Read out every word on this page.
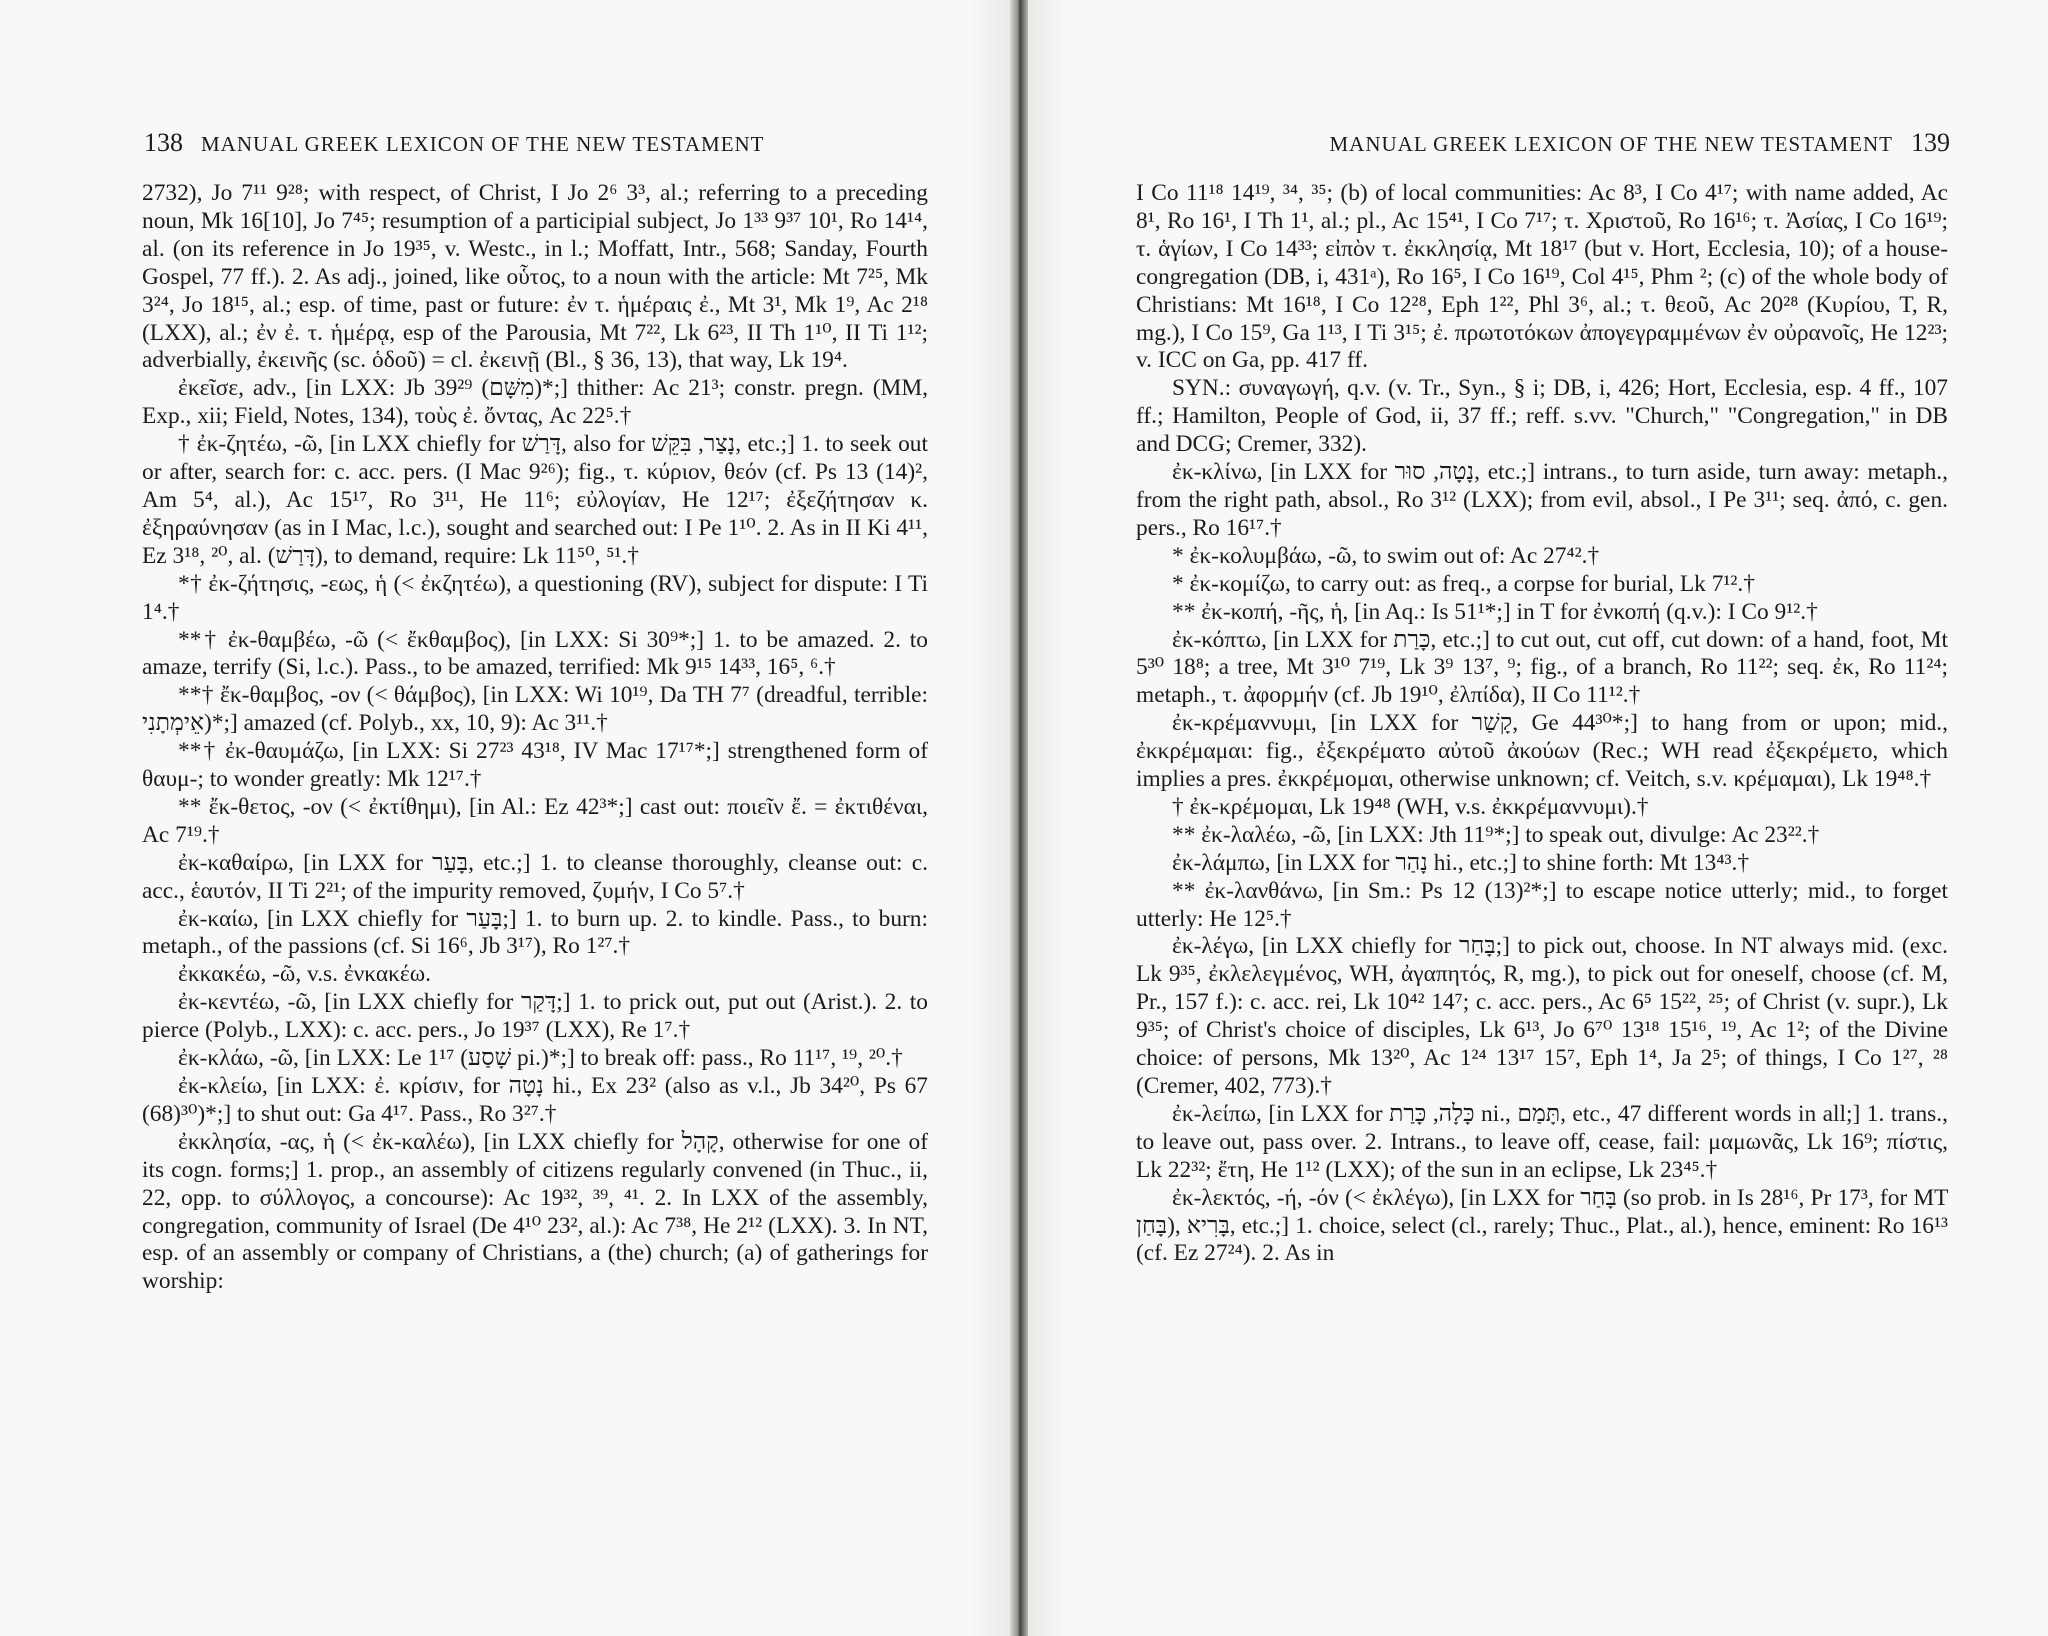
138 MANUAL GREEK LEXICON OF THE NEW TESTAMENT

2732), Jo 7¹¹ 9²⁸; with respect, of Christ, I Jo 2⁶ 3³, al.; referring to a preceding noun, Mk 16[10], Jo 7⁴⁵; resumption of a participial subject, Jo 1³³ 9³⁷ 10¹, Ro 14¹⁴, al. (on its reference in Jo 19³⁵, v. Westc., in l.; Moffatt, Intr., 568; Sanday, Fourth Gospel, 77 ff.). 2. As adj., joined, like οὗτος, to a noun with the article: Mt 7²⁵, Mk 3²⁴, Jo 18¹⁵, al.; esp. of time, past or future: ἐν τ. ἡμέραις ἐ., Mt 3¹, Mk 1⁹, Ac 2¹⁸ (LXX), al.; ἐν ἐ. τ. ἡμέρᾳ, esp of the Parousia, Mt 7²², Lk 6²³, II Th 1¹⁰, II Ti 1¹²; adverbially, ἐκεινῆς (sc. ὁδοῦ) = cl. ἐκεινῇ (Bl., § 36, 13), that way, Lk 19⁴.

ἐκεῖσε, adv., [in LXX: Jb 39²⁹ (מִשָּׁם)*;] thither: Ac 21³; constr. pregn. (MM, Exp., xii; Field, Notes, 134), τοὺς ἐ. ὄντας, Ac 22⁵.†

† ἐκ-ζητέω, -ῶ, [in LXX chiefly for דָּרַשׁ, also for נָצַר, בִּקֵּשׁ, etc.;] 1. to seek out or after, search for: c. acc. pers. (I Mac 9²⁶); fig., τ. κύριον, θεόν (cf. Ps 13 (14)², Am 5⁴, al.), Ac 15¹⁷, Ro 3¹¹, He 11⁶; εὐλογίαν, He 12¹⁷; ἐξεζήτησαν κ. ἐξηραύνησαν (as in I Mac, l.c.), sought and searched out: I Pe 1¹⁰. 2. As in II Ki 4¹¹, Ez 3¹⁸, ²⁰, al. (דָּרַשׁ), to demand, require: Lk 11⁵⁰, ⁵¹.†

*† ἐκ-ζήτησις, -εως, ἡ (< ἐκζητέω), a questioning (RV), subject for dispute: I Ti 1⁴.†

**† ἐκ-θαμβέω, -ῶ (< ἔκθαμβος), [in LXX: Si 30⁹*;] 1. to be amazed. 2. to amaze, terrify (Si, l.c.). Pass., to be amazed, terrified: Mk 9¹⁵ 14³³, 16⁵, ⁶.†

**† ἔκ-θαμβος, -ον (< θάμβος), [in LXX: Wi 10¹⁹, Da TH 7⁷ (dreadful, terrible: אֵימְתָנִי)*;] amazed (cf. Polyb., xx, 10, 9): Ac 3¹¹.†

**† ἐκ-θαυμάζω, [in LXX: Si 27²³ 43¹⁸, IV Mac 17¹⁷*;] strengthened form of θαυμ-; to wonder greatly: Mk 12¹⁷.†

** ἔκ-θετος, -ον (< ἐκτίθημι), [in Al.: Ez 42³*;] cast out: ποιεῖν ἔ. = ἐκτιθέναι, Ac 7¹⁹.†

ἐκ-καθαίρω, [in LXX for בָּעַר, etc.;] 1. to cleanse thoroughly, cleanse out: c. acc., ἑαυτόν, II Ti 2²¹; of the impurity removed, ζυμήν, I Co 5⁷.†

ἐκ-καίω, [in LXX chiefly for בָּעַר;] 1. to burn up. 2. to kindle. Pass., to burn: metaph., of the passions (cf. Si 16⁶, Jb 3¹⁷), Ro 1²⁷.†

ἐκκακέω, -ῶ, v.s. ἐνκακέω.

ἐκ-κεντέω, -ῶ, [in LXX chiefly for דָּקַר;] 1. to prick out, put out (Arist.). 2. to pierce (Polyb., LXX): c. acc. pers., Jo 19³⁷ (LXX), Re 1⁷.†

ἐκ-κλάω, -ῶ, [in LXX: Le 1¹⁷ (שָׁסַע pi.)*;] to break off: pass., Ro 11¹⁷, ¹⁹, ²⁰.†

ἐκ-κλείω, [in LXX: ἐ. κρίσιν, for נָטָה hi., Ex 23² (also as v.l., Jb 34²⁰, Ps 67 (68)³⁰)*;] to shut out: Ga 4¹⁷. Pass., Ro 3²⁷.†

ἐκκλησία, -ας, ἡ (< ἐκ-καλέω), [in LXX chiefly for קָהָל, otherwise for one of its cogn. forms;] 1. prop., an assembly of citizens regularly convened (in Thuc., ii, 22, opp. to σύλλογος, a concourse): Ac 19³², ³⁹, ⁴¹. 2. In LXX of the assembly, congregation, community of Israel (De 4¹⁰ 23², al.): Ac 7³⁸, He 2¹² (LXX). 3. In NT, esp. of an assembly or company of Christians, a (the) church; (a) of gatherings for worship:

MANUAL GREEK LEXICON OF THE NEW TESTAMENT 139

I Co 11¹⁸ 14¹⁹, ³⁴, ³⁵; (b) of local communities: Ac 8³, I Co 4¹⁷; with name added, Ac 8¹, Ro 16¹, I Th 1¹, al.; pl., Ac 15⁴¹, I Co 7¹⁷; τ. Χριστοῦ, Ro 16¹⁶; τ. Ἀσίας, I Co 16¹⁹; τ. ἁγίων, I Co 14³³; εἰπὸν τ. ἐκκλησίᾳ, Mt 18¹⁷ (but v. Hort, Ecclesia, 10); of a house-congregation (DB, i, 431ᵃ), Ro 16⁵, I Co 16¹⁹, Col 4¹⁵, Phm ²; (c) of the whole body of Christians: Mt 16¹⁸, I Co 12²⁸, Eph 1²², Phl 3⁶, al.; τ. θεοῦ, Ac 20²⁸ (Κυρίου, T, R, mg.), I Co 15⁹, Ga 1¹³, I Ti 3¹⁵; ἐ. πρωτοτόκων ἀπογεγραμμένων ἐν οὐρανοῖς, He 12²³; v. ICC on Ga, pp. 417 ff.

SYN.: συναγωγή, q.v. (v. Tr., Syn., § i; DB, i, 426; Hort, Ecclesia, esp. 4 ff., 107 ff.; Hamilton, People of God, ii, 37 ff.; reff. s.vv. "Church," "Congregation," in DB and DCG; Cremer, 332).

ἐκ-κλίνω, [in LXX for נָטָה, סוּר, etc.;] intrans., to turn aside, turn away: metaph., from the right path, absol., Ro 3¹² (LXX); from evil, absol., I Pe 3¹¹; seq. ἀπό, c. gen. pers., Ro 16¹⁷.†

* ἐκ-κολυμβάω, -ῶ, to swim out of: Ac 27⁴².†

* ἐκ-κομίζω, to carry out: as freq., a corpse for burial, Lk 7¹².†

** ἐκ-κοπή, -ῆς, ἡ, [in Aq.: Is 51¹*;] in T for ἐνκοπή (q.v.): I Co 9¹².†

ἐκ-κόπτω, [in LXX for כָּרַת, etc.;] to cut out, cut off, cut down: of a hand, foot, Mt 5³⁰ 18⁸; a tree, Mt 3¹⁰ 7¹⁹, Lk 3⁹ 13⁷, ⁹; fig., of a branch, Ro 11²²; seq. ἐκ, Ro 11²⁴; metaph., τ. ἀφορμήν (cf. Jb 19¹⁰, ἐλπίδα), II Co 11¹².†

ἐκ-κρέμαννυμι, [in LXX for קָשַׁר, Ge 44³⁰*;] to hang from or upon; mid., ἐκκρέμαμαι: fig., ἐξεκρέματο αὐτοῦ ἀκούων (Rec.; WH read ἐξεκρέμετο, which implies a pres. ἐκκρέμομαι, otherwise unknown; cf. Veitch, s.v. κρέμαμαι), Lk 19⁴⁸.†

† ἐκ-κρέμομαι, Lk 19⁴⁸ (WH, v.s. ἐκκρέμαννυμι).†

** ἐκ-λαλέω, -ῶ, [in LXX: Jth 11⁹*;] to speak out, divulge: Ac 23²².†

ἐκ-λάμπω, [in LXX for נָהַר hi., etc.;] to shine forth: Mt 13⁴³.†

** ἐκ-λανθάνω, [in Sm.: Ps 12 (13)²*;] to escape notice utterly; mid., to forget utterly: He 12⁵.†

ἐκ-λέγω, [in LXX chiefly for בָּחַר;] to pick out, choose. In NT always mid. (exc. Lk 9³⁵, ἐκλελεγμένος, WH, ἀγαπητός, R, mg.), to pick out for oneself, choose (cf. M, Pr., 157 f.): c. acc. rei, Lk 10⁴² 14⁷; c. acc. pers., Ac 6⁵ 15²², ²⁵; of Christ (v. supr.), Lk 9³⁵; of Christ's choice of disciples, Lk 6¹³, Jo 6⁷⁰ 13¹⁸ 15¹⁶, ¹⁹, Ac 1²; of the Divine choice: of persons, Mk 13²⁰, Ac 1²⁴ 13¹⁷ 15⁷, Eph 1⁴, Ja 2⁵; of things, I Co 1²⁷, ²⁸ (Cremer, 402, 773).†

ἐκ-λείπω, [in LXX for כָּלָה, כָּרַת ni., תָּמַם, etc., 47 different words in all;] 1. trans., to leave out, pass over. 2. Intrans., to leave off, cease, fail: μαμωνᾶς, Lk 16⁹; πίστις, Lk 22³²; ἔτη, He 1¹² (LXX); of the sun in an eclipse, Lk 23⁴⁵.†

ἐκ-λεκτός, -ή, -όν (< ἐκλέγω), [in LXX for בָּחַר (so prob. in Is 28¹⁶, Pr 17³, for MT בָּחַן), בָּרִיא, etc.;] 1. choice, select (cl., rarely; Thuc., Plat., al.), hence, eminent: Ro 16¹³ (cf. Ez 27²⁴). 2. As in
